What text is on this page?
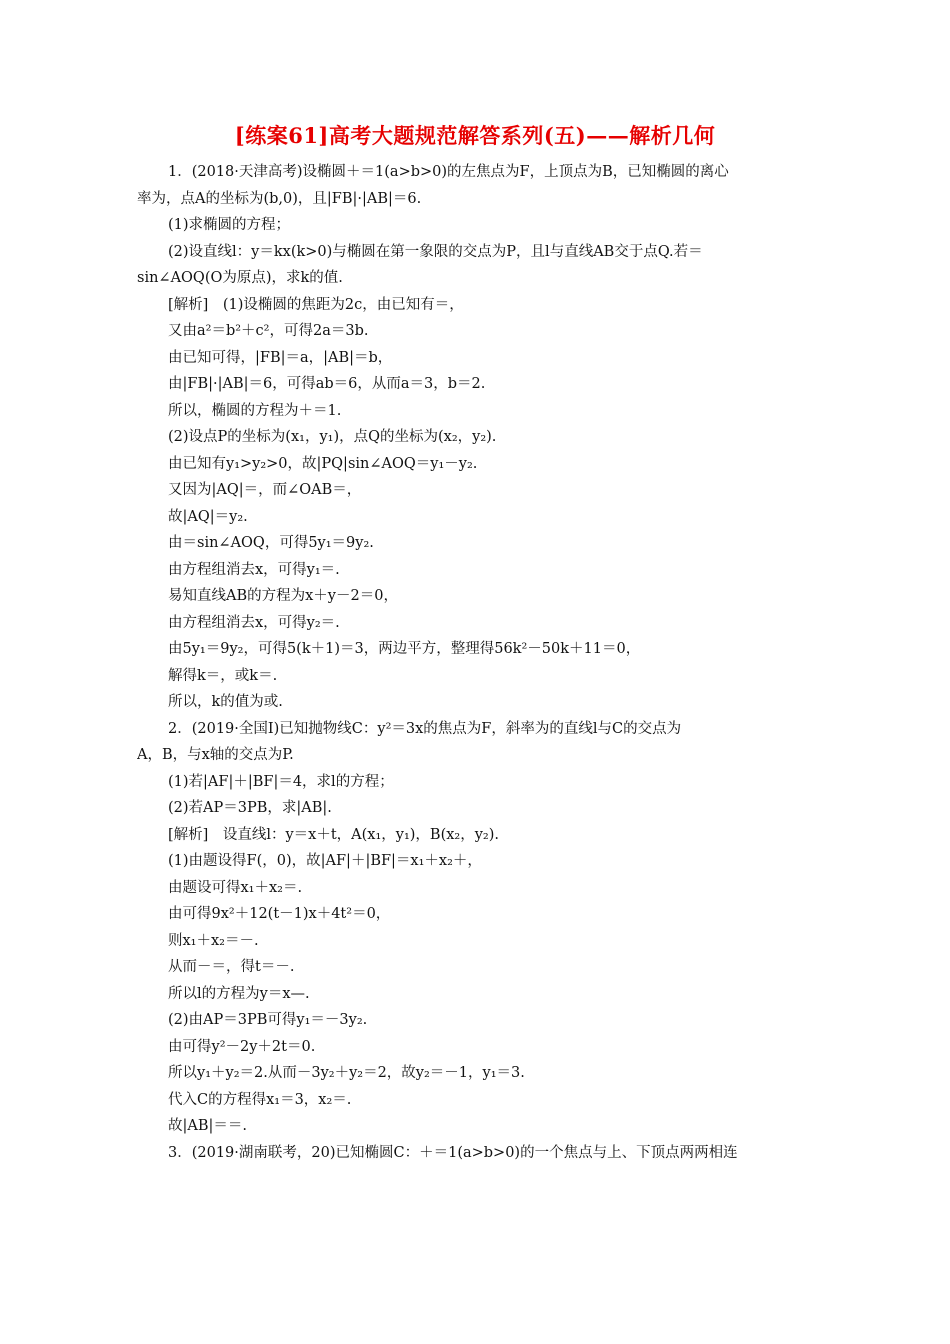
[练案61]高考大题规范解答系列(五)——解析几何
1．(2018·天津高考)设椭圆＋＝1(a>b>0)的左焦点为F，上顶点为B，已知椭圆的离心
率为，点A的坐标为(b,0)，且|FB|·|AB|＝6.
(1)求椭圆的方程；
(2)设直线l：y＝kx(k>0)与椭圆在第一象限的交点为P，且l与直线AB交于点Q.若＝
sin∠AOQ(O为原点)，求k的值.
[解析]　(1)设椭圆的焦距为2c，由已知有＝，
又由a²＝b²＋c²，可得2a＝3b.
由已知可得，|FB|＝a，|AB|＝b，
由|FB|·|AB|＝6，可得ab＝6，从而a＝3，b＝2.
所以，椭圆的方程为＋＝1.
(2)设点P的坐标为(x₁，y₁)，点Q的坐标为(x₂，y₂).
由已知有y₁>y₂>0，故|PQ|sin∠AOQ＝y₁－y₂.
又因为|AQ|＝，而∠OAB＝，
故|AQ|＝y₂.
由＝sin∠AOQ，可得5y₁＝9y₂.
由方程组消去x，可得y₁＝.
易知直线AB的方程为x＋y－2＝0，
由方程组消去x，可得y₂＝.
由5y₁＝9y₂，可得5(k＋1)＝3，两边平方，整理得56k²－50k＋11＝0，
解得k＝，或k＝.
所以，k的值为或.
2．(2019·全国Ⅰ)已知抛物线C：y²＝3x的焦点为F，斜率为的直线l与C的交点为
A，B，与x轴的交点为P.
(1)若|AF|＋|BF|＝4，求l的方程；
(2)若AP＝3PB，求|AB|.
[解析]　设直线l：y＝x＋t，A(x₁，y₁)，B(x₂，y₂).
(1)由题设得F(，0)，故|AF|＋|BF|＝x₁＋x₂＋，
由题设可得x₁＋x₂＝.
由可得9x²＋12(t－1)x＋4t²＝0，
则x₁＋x₂＝－.
从而－＝，得t＝－.
所以l的方程为y＝x—.
(2)由AP＝3PB可得y₁＝－3y₂.
由可得y²－2y＋2t＝0.
所以y₁＋y₂＝2.从而－3y₂＋y₂＝2，故y₂＝－1，y₁＝3.
代入C的方程得x₁＝3，x₂＝.
故|AB|＝＝.
3．(2019·湖南联考，20)已知椭圆C：＋＝1(a>b>0)的一个焦点与上、下顶点两两相连
